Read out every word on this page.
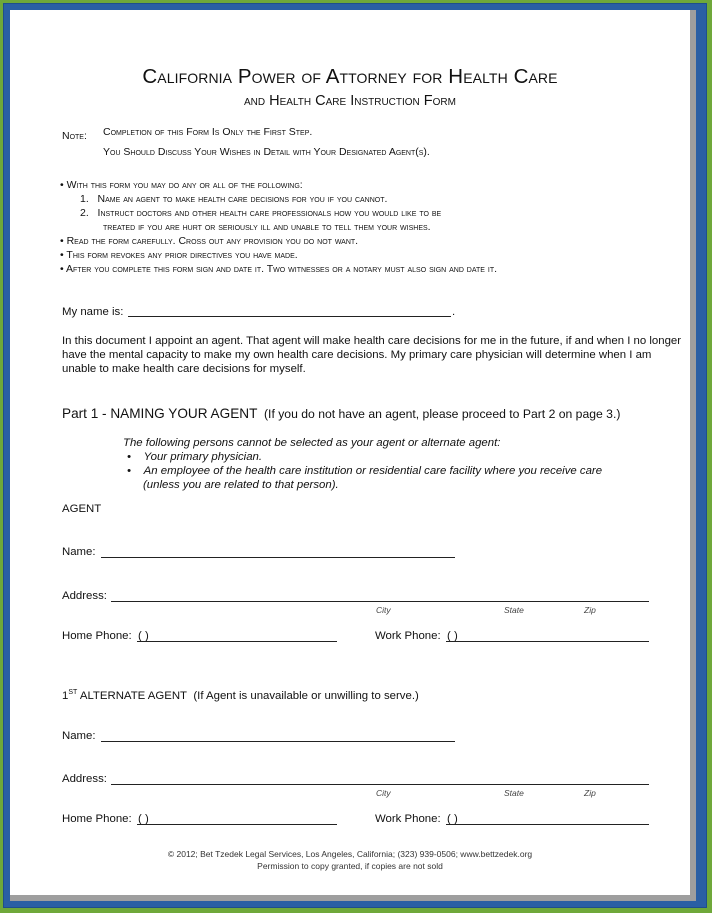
California Power of Attorney for Health Care
and Health Care Instruction Form
Note: Completion of this Form Is Only the First Step.
You Should Discuss Your Wishes in Detail with Your Designated Agent(s).
• With this form you may do any or all of the following:
1. Name an agent to make health care decisions for you if you cannot.
2. Instruct doctors and other health care professionals how you would like to be
treated if you are hurt or seriously ill and unable to tell them your wishes.
• Read the form carefully. Cross out any provision you do not want.
• This form revokes any prior directives you have made.
• After you complete this form sign and date it. Two witnesses or a notary must also sign and date it.
My name is:	.
In this document I appoint an agent. That agent will make health care decisions for me in the future, if and when I no longer
have the mental capacity to make my own health care decisions. My primary care physician will determine when I am
unable to make health care decisions for myself.
Part 1 - NAMING YOUR AGENT (If you do not have an agent, please proceed to Part 2 on page 3.)
The following persons cannot be selected as your agent or alternate agent:
•    Your primary physician.
•    An employee of the health care institution or residential care facility where you receive care
(unless you are related to that person).
AGENT
Name:
Address:
City	State	Zip
Home Phone: ( )	Work Phone: ( )
1ST ALTERNATE AGENT (If Agent is unavailable or unwilling to serve.)
Name:
Address:
City	State	Zip
Home Phone: ( )	Work Phone: ( )
© 2012; Bet Tzedek Legal Services, Los Angeles, California; (323) 939-0506; www.bettzedek.org
Permission to copy granted, if copies are not sold
